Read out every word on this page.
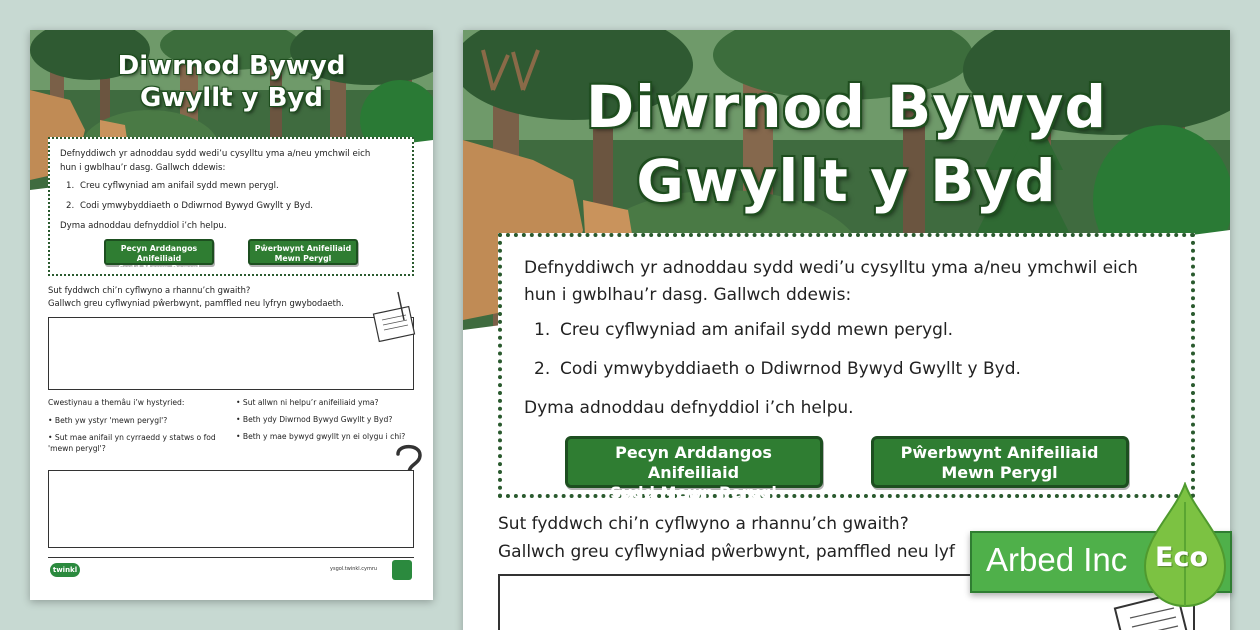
Diwrnod Bywyd
Gwyllt y Byd
Defnyddiwch yr adnoddau sydd wedi’u cysylltu yma a/neu ymchwil eich
hun i gwblhau’r dasg. Gallwch ddewis:
1. Creu cyflwyniad am anifail sydd mewn perygl.
2. Codi ymwybyddiaeth o Ddiwrnod Bywyd Gwyllt y Byd.
Dyma adnoddau defnyddiol i’ch helpu.
Pecyn Arddangos Anifeiliaid
Sydd Mewn Perygl
Pŵerbwynt Anifeiliaid
Mewn Perygl
Sut fyddwch chi’n cyflwyno a rhannu’ch gwaith?
Gallwch greu cyflwyniad pŵerbwynt, pamffled neu lyfryn gwybodaeth.
Cwestiynau a themâu i’w hystyried:
• Beth yw ystyr 'mewn perygl'?
• Sut mae anifail yn cyrraedd y statws o fod 'mewn perygl'?
• Sut allwn ni helpu’r anifeiliaid yma?
• Beth ydy Diwrnod Bywyd Gwyllt y Byd?
• Beth y mae bywyd gwyllt yn ei olygu i chi?
twinkl	ysgol.twinkl.cymru
Diwrnod Bywyd
Gwyllt y Byd
Defnyddiwch yr adnoddau sydd wedi’u cysylltu yma a/neu ymchwil eich
hun i gwblhau’r dasg. Gallwch ddewis:
1. Creu cyflwyniad am anifail sydd mewn perygl.
2. Codi ymwybyddiaeth o Ddiwrnod Bywyd Gwyllt y Byd.
Dyma adnoddau defnyddiol i’ch helpu.
Pecyn Arddangos Anifeiliaid
Sydd Mewn Perygl
Pŵerbwynt Anifeiliaid
Mewn Perygl
Sut fyddwch chi’n cyflwyno a rhannu’ch gwaith?
Gallwch greu cyflwyniad pŵerbwynt, pamffled neu lyf Arbed Inc Eco
